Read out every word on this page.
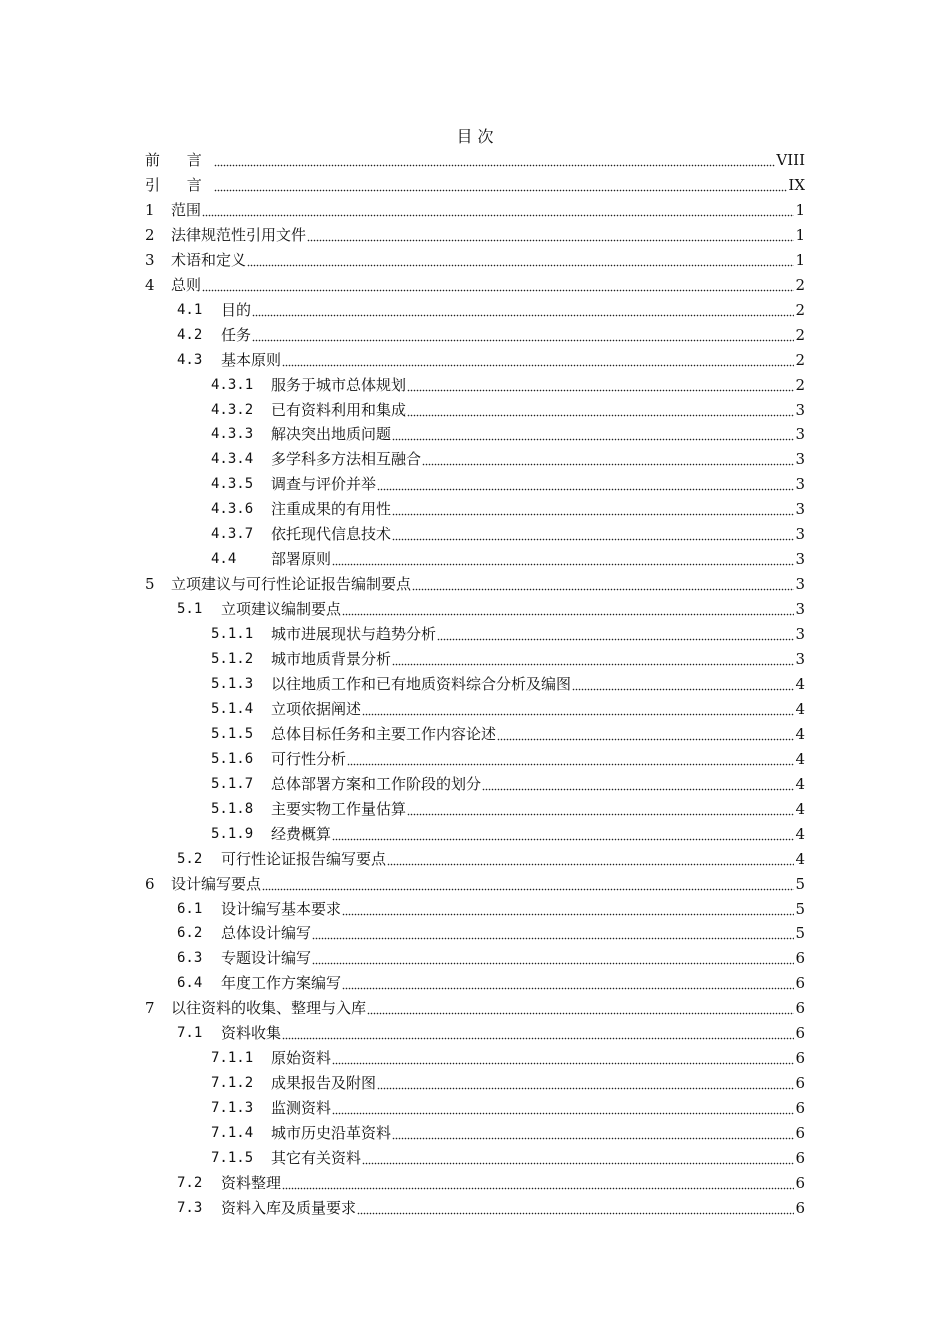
目 次
前 言	VIII
引 言	IX
1	范围	1
2	法律规范性引用文件	1
3	术语和定义	1
4	总则	2
4.1	目的	2
4.2	任务	2
4.3	基本原则	2
4.3.1	服务于城市总体规划	2
4.3.2	已有资料利用和集成	3
4.3.3	解决突出地质问题	3
4.3.4	多学科多方法相互融合	3
4.3.5	调查与评价并举	3
4.3.6	注重成果的有用性	3
4.3.7	依托现代信息技术	3
4.4	部署原则	3
5	立项建议与可行性论证报告编制要点	3
5.1	立项建议编制要点	3
5.1.1	城市进展现状与趋势分析	3
5.1.2	城市地质背景分析	3
5.1.3	以往地质工作和已有地质资料综合分析及编图	4
5.1.4	立项依据阐述	4
5.1.5	总体目标任务和主要工作内容论述	4
5.1.6	可行性分析	4
5.1.7	总体部署方案和工作阶段的划分	4
5.1.8	主要实物工作量估算	4
5.1.9	经费概算	4
5.2	可行性论证报告编写要点	4
6	设计编写要点	5
6.1	设计编写基本要求	5
6.2	总体设计编写	5
6.3	专题设计编写	6
6.4	年度工作方案编写	6
7	以往资料的收集、整理与入库	6
7.1	资料收集	6
7.1.1	原始资料	6
7.1.2	成果报告及附图	6
7.1.3	监测资料	6
7.1.4	城市历史沿革资料	6
7.1.5	其它有关资料	6
7.2	资料整理	6
7.3	资料入库及质量要求	6
